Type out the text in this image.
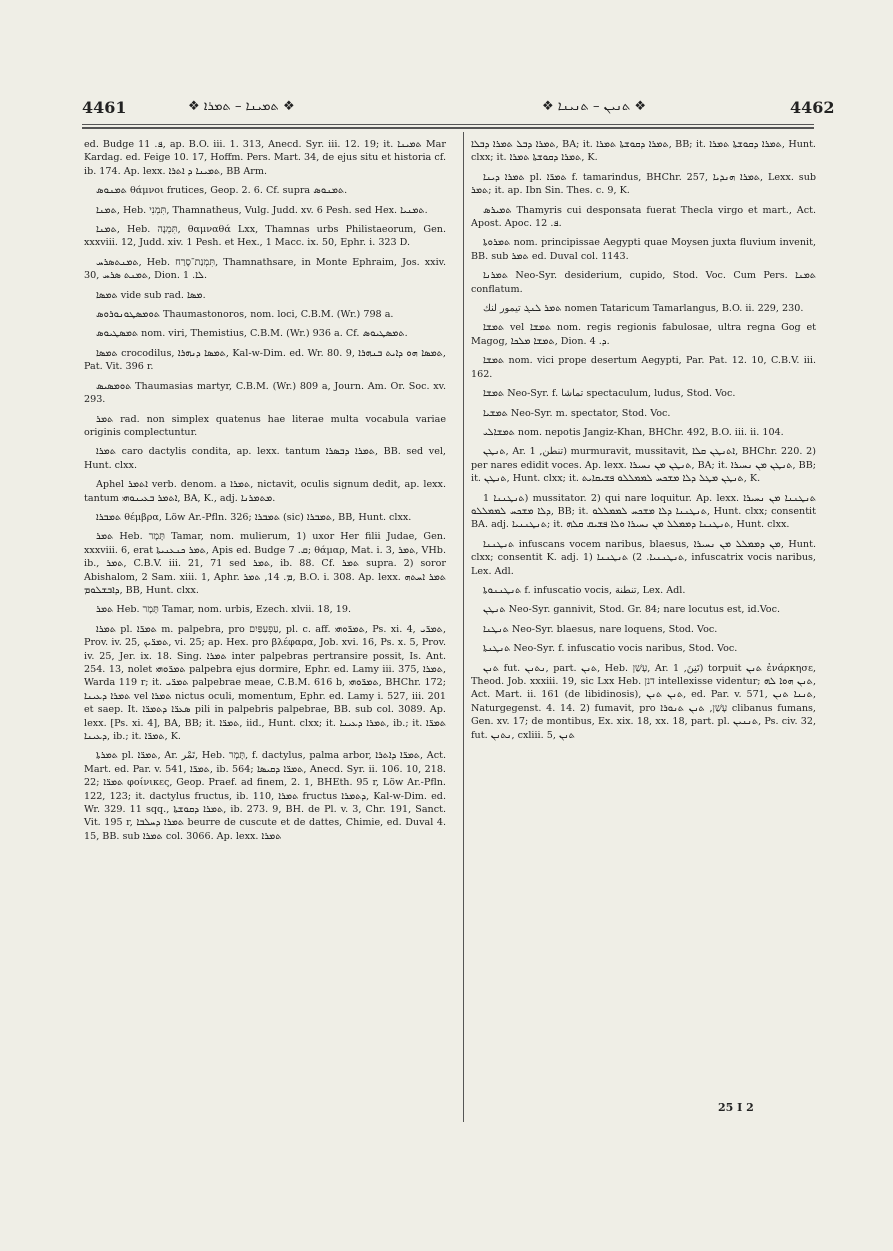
4461	❖ ܬܡܝܢܐ – ܬܡܪܐ ❖	❖ ܬܢܝܢ – ܬܢܝܢܐ ❖	4462

ed. Budge ܦ. 11, ap. B.O. iii. 1. 313, Anecd. Syr. iii. 12. 19; it. ܬܡܝܢܐ Mar Kardag. ed. Feige 10. 17, Hoffm. Pers. Mart. 34, de ejus situ et historia cf. ib. 174. Ap. lexx. ܬܡܝܢܐ ܕ ܐܬܪܐ, BB Arm.

ܬܡܢܘܣ θάμνοι frutices, Geop. 2. 6. Cf. supra ܬܡܢܘܣ.

ܬܡܢܐ, Heb. תִּמְנִי, Thamnatheus, Vulg. Judd. xv. 6 Pesh. sed Hex. ܬܡܢܝܐ.

ܬܡܢܐ, Heb. תִּמְנָה, θαμναθά Lxx, Thamnas urbs Philistaeorum, Gen. xxxviii. 12, Judd. xiv. 1 Pesh. et Hex., 1 Macc. ix. 50, Ephr. i. 323 D.

ܬܡܢܬܣܪܚ, Heb. תִּמְנַת־סֶרַח, Thamnathsare, in Monte Ephraim, Jos. xxiv. 30, ܬܡܢܬ ܣܪܚ, Dion. ܠܐ. 1.

ܬܡܣܐ vide sub rad. ܡܣܐ.

ܬܘܡܣܛܘܢܘܪܘܣ Thaumastonoros, nom. loci, C.B.M. (Wr.) 798 a.

ܬܡܣܛܝܘܣ nom. viri, Themistius, C.B.M. (Wr.) 936 a. Cf. ܬܡܣܛܝܘܣ.

ܬܡܣܐ crocodilus, ܬܡܣܐ ܕܢܗܪܐ, Kal-w-Dim. ed. Wr. 80. 9, ܬܡܣܐ ܗܘ ܕܐܝܬ ܒܢܗܪܐ, Pat. Vit. 396 r.

ܬܘܡܣܝܣ Thaumasias martyr, C.B.M. (Wr.) 809 a, Journ. Am. Or. Soc. xv. 293.

ܬܡܪ rad. non simplex quatenus hae literae multa vocabula variae originis complectuntur.

ܬܡܪܐ caro dactylis condita, ap. lexx. tantum ܬܡܪܐ ܕܒܣܪܐ, BB. sed vel, Hunt. clxx.

Aphel ܐܬܡܪ verb. denom. a ܬܡܪܐ, nictavit, oculis signum dedit, ap. lexx. tantum ܐܬܡܪ ܒܥܝܢܘܗܝ, BA, K., adj. ܡܬܡܪܢܐ.

ܬܡܒܪܐ θέμβρα, Löw Ar.-Pfln. 326; ܬܡܒܪܐ (sic) ܬܡܒܪܐ, BB, Hunt. clxx.

ܬܡܪ Heb. תָּמָר Tamar, nom. mulierum, 1) uxor Her filii Judae, Gen. xxxviii. 6, erat ܬܡܪ ܟܢܥܢܝܬܐ, Apis ed. Budge ܩ. 7; θάμαρ, Mat. i. 3, ܬܡܪ, VHb. ib., ܬܡܪ, C.B.V. iii. 21, 71 sed ܬܡܪ, ib. 88. Cf. ܬܡܪ supra. 2) soror Abishalom, 2 Sam. xiii. 1, Aphr. ܡ. 14, ܬܡܪ, B.O. i. 308. Ap. lexx. ܬܡܪ ܐܚܬܗ ܕܐܒܫܠܘܡ, BB, Hunt. clxx.

ܬܡܪ Heb. תָּמָר Tamar, nom. urbis, Ezech. xlvii. 18, 19.

ܬܡܪܐ pl. ܬܡܪ̈ܐ m. palpebra, pro עַפְעַפַּיִם, pl. c. aff. ܬܡܪ̈ܘܗܝ, Ps. xi. 4, ܬܡܪ̈ܝ, Prov. iv. 25, ܬܡܪ̈ܝܟ, vi. 25; ap. Hex. pro βλέφαρα, Job. xvi. 16, Ps. x. 5, Prov. iv. 25, Jer. ix. 18. Sing. ܬܡܪܐ inter palpebras pertransire possit, Is. Ant. 254. 13, nolet ܬܡܪ̈ܘܗܝ palpebra ejus dormire, Ephr. ed. Lamy iii. 375, ܬܡܪܐ, Warda 119 r; it. ܬܡܪ̈ܝ palpebrae meae, C.B.M. 616 b, ܬܡܪ̈ܘܗܝ, BHChr. 172; ܬܡܪܐ ܕܥܝܢܐ vel ܬܡܪܐ nictus oculi, momentum, Ephr. ed. Lamy i. 527, iii. 201 et saep. It. ܣܥܪ̈ܐ ܕܬܡܪ̈ܐ pili in palpebris palpebrae, BB. sub col. 3089. Ap. lexx. [Ps. xi. 4], BA, BB; it. ܬܡܪ̈ܐ, iid., Hunt. clxx; it. ܬܡܪܐ ܕܥܝܢܐ, ib.; it. ܬܡܪ̈ܐ ܕܥܝܢܐ, ib.; it. ܬܡܪ̈ܐ, K.

ܬܡܪܬܐ pl. ܬܡܪ̈ܐ, Ar. تَمْر, Heb. תָּמָר, f. dactylus, palma arbor, ܬܡܪ̈ܐ ܕܐܬܪܐ, Act. Mart. ed. Par. v. 541, ܬܡܪ̈ܐ, ib. 564; ܬܡܪ̈ܐ ܕܩܝܣܐ, Anecd. Syr. ii. 106. 10, 218. 22; ܬܡܪ̈ܐ φοίνικες, Geop. Praef. ad finem, 2. 1, BHEth. 95 r, Löw Ar.-Pfln. 122, 123; it. dactylus fructus, ib. 110, ܬܡܪܐ fructus ܕܬܡܪܐ, Kal-w-Dim. ed. Wr. 329. 11 sqq., ܬܡܪܐ ܕܩܘܫܬܐ, ib. 273. 9, BH. de Pl. v. 3, Chr. 191, Sanct. Vit. 195 r, ܬܡܪܐ ܕܚܠܒܐ beurre de cuscute et de dattes, Chimie, ed. Duval 4. 15, BB. sub ܬܡܪܐ col. 3066. Ap. lexx. ܬܡܪܐ

ܬܡܪܐ ܕܒܠ ܬܡܪܐ ܕܒܠܐ, BA; it. ܬܡܪܐ ܕܩܘܫܬܐ ܬܡܪܐ, BB; it. ܬܡܪܐ ܕܩܘܫܬܐ ܬܡܪܐ, Hunt. clxx; it. ܬܡܪܐ ܕܩܘܫܬܐ ܬܡܪܐ, K.

ܬܡܪܐ ܕܝܢܐ pl. ܬܡܪ̈ܐ f. tamarindus, BHChr. 257, ܬܡܪܐ ܗܢܕܝܐ, Lexx. sub ܬܡܪ; it. ap. Ibn Sin. Thes. c. 9, K.

ܬܡܝܪܣ Thamyris cui desponsata fuerat Thecla virgo et mart., Act. Apost. Apoc. ܦ. 12.

ܬܡܪܘܬܐ nom. principissae Aegypti quae Moysen juxta fluvium invenit, BB. sub ܬܡܪ ed. Duval col. 1143.

ܬܡܪܢܐ Neo-Syr. desiderium, cupido, Stod. Voc. Cum Pers. ܬܡܢܐ conflatum.

ܬܡܪ ܠܢܓ تيمور لنك nomen Tataricum Tamarlangus, B.O. ii. 229, 230.

ܬܡܫܐ vel ܬܡܫܐ nom. regis regionis fabulosae, ultra regna Gog et Magog, ܬܡܫܐ ܡܠܟܐ, Dion. ܕ. 4.

ܬܡܫܐ nom. vici prope desertum Aegypti, Par. Pat. 12. 10, C.B.V. iii. 162.

ܬܡܫܐ Neo-Syr. f. تماشا spectaculum, ludus, Stod. Voc.

ܬܡܫܝܐ Neo-Syr. m. spectator, Stod. Voc.

ܬܡܫܐܠܝ nom. nepotis Jangiz-Khan, BHChr. 492, B.O. iii. ii. 104.

ܬܢܛܢ, Ar. تنطن, 1) murmuravit, mussitavit, ܐܬܢܛܢ ܩܠܐ, BHChr. 220. 2) per nares edidit voces. Ap. lexx. ܬܢܛܢ ܡܢ ܢܚܝܪܐ, BA; it. ܬܢܛܢ ܡܢ ܢܚܝܪܐ, BB; it. ܬܢܛܢ, Hunt. clxx; it. ܬܢܛܢ ܡܛܠ ܕܠܐ ܡܫܟܚ ܠܡܡܠܠܘ ܦܫܝܩܐܝܬ, K.

ܬܢܛܢܢܐ 1) mussitator. 2) qui nare loquitur. Ap. lexx. ܬܢܛܢܢܐ ܡܢ ܢܚܝܪܐ ܕܠܐ ܡܫܟܚ ܠܡܡܠܠܘ, BB; it. ܬܢܛܢܢܐ ܕܠܐ ܡܫܟܚ ܠܡܡܠܠܘ, Hunt. clxx; consentit BA. adj. ܬܢܛܢܢܝܐ; it. ܬܢܛܢܢܐ ܕܡܡܠܠ ܡܢ ܢܚܝܪܐ ܘܠܐ ܦܫܝܩ ܩܠܗ, Hunt. clxx.

ܬܢܛܢܢܐ infuscans vocem naribus, blaesus, ܡܢ ܕܡܡܠܠ ܡܢ ܢܚܝܪܐ, Hunt. clxx; consentit K. adj. 1) ܬܢܛܢܢܝܐ. 2) ܬܢܛܢܢܐ, infuscatrix vocis naribus, Lex. Adl.

ܬܢܛܢܢܘܬܐ f. infuscatio vocis, تنطنة, Lex. Adl.

ܬܢܛܢ Neo-Syr. gannivit, Stod. Gr. 84; nare locutus est, id.Voc.

ܬܢܛܢܐ Neo-Syr. blaesus, nare loquens, Stod. Voc.

ܬܢܛܢܬܐ Neo-Syr. f. infuscatio vocis naribus, Stod. Voc.

ܬܢܢ fut. ܢܬܢܢ, part. ܬܢܢ, Heb. עָשַׁן, Ar. تَنِنَ, 1) torpuit ܬܢܢ ἐνάρκησε, Theod. Job. xxxiii. 19, sic Lxx Heb. דנן intellexisse videntur; ܬܢܢ ܗܘܐ ܠܗ, Act. Mart. ii. 161 (de libidinosis), ܬܢܢ ܬܢܢ, ed. Par. v. 571, ܬܢܢܐ ܬܢܢ, Naturgegenst. 4. 14. 2) fumavit, pro עָשַׁן, ܬܢܢ ܬܢܘܪܐ clibanus fumans, Gen. xv. 17; de montibus, Ex. xix. 18, xx. 18, part. pl. ܬܢܢܝܢ, Ps. civ. 32, fut. ܢܬܢܢ, cxliii. 5, ܬܢܢ

25 I 2
